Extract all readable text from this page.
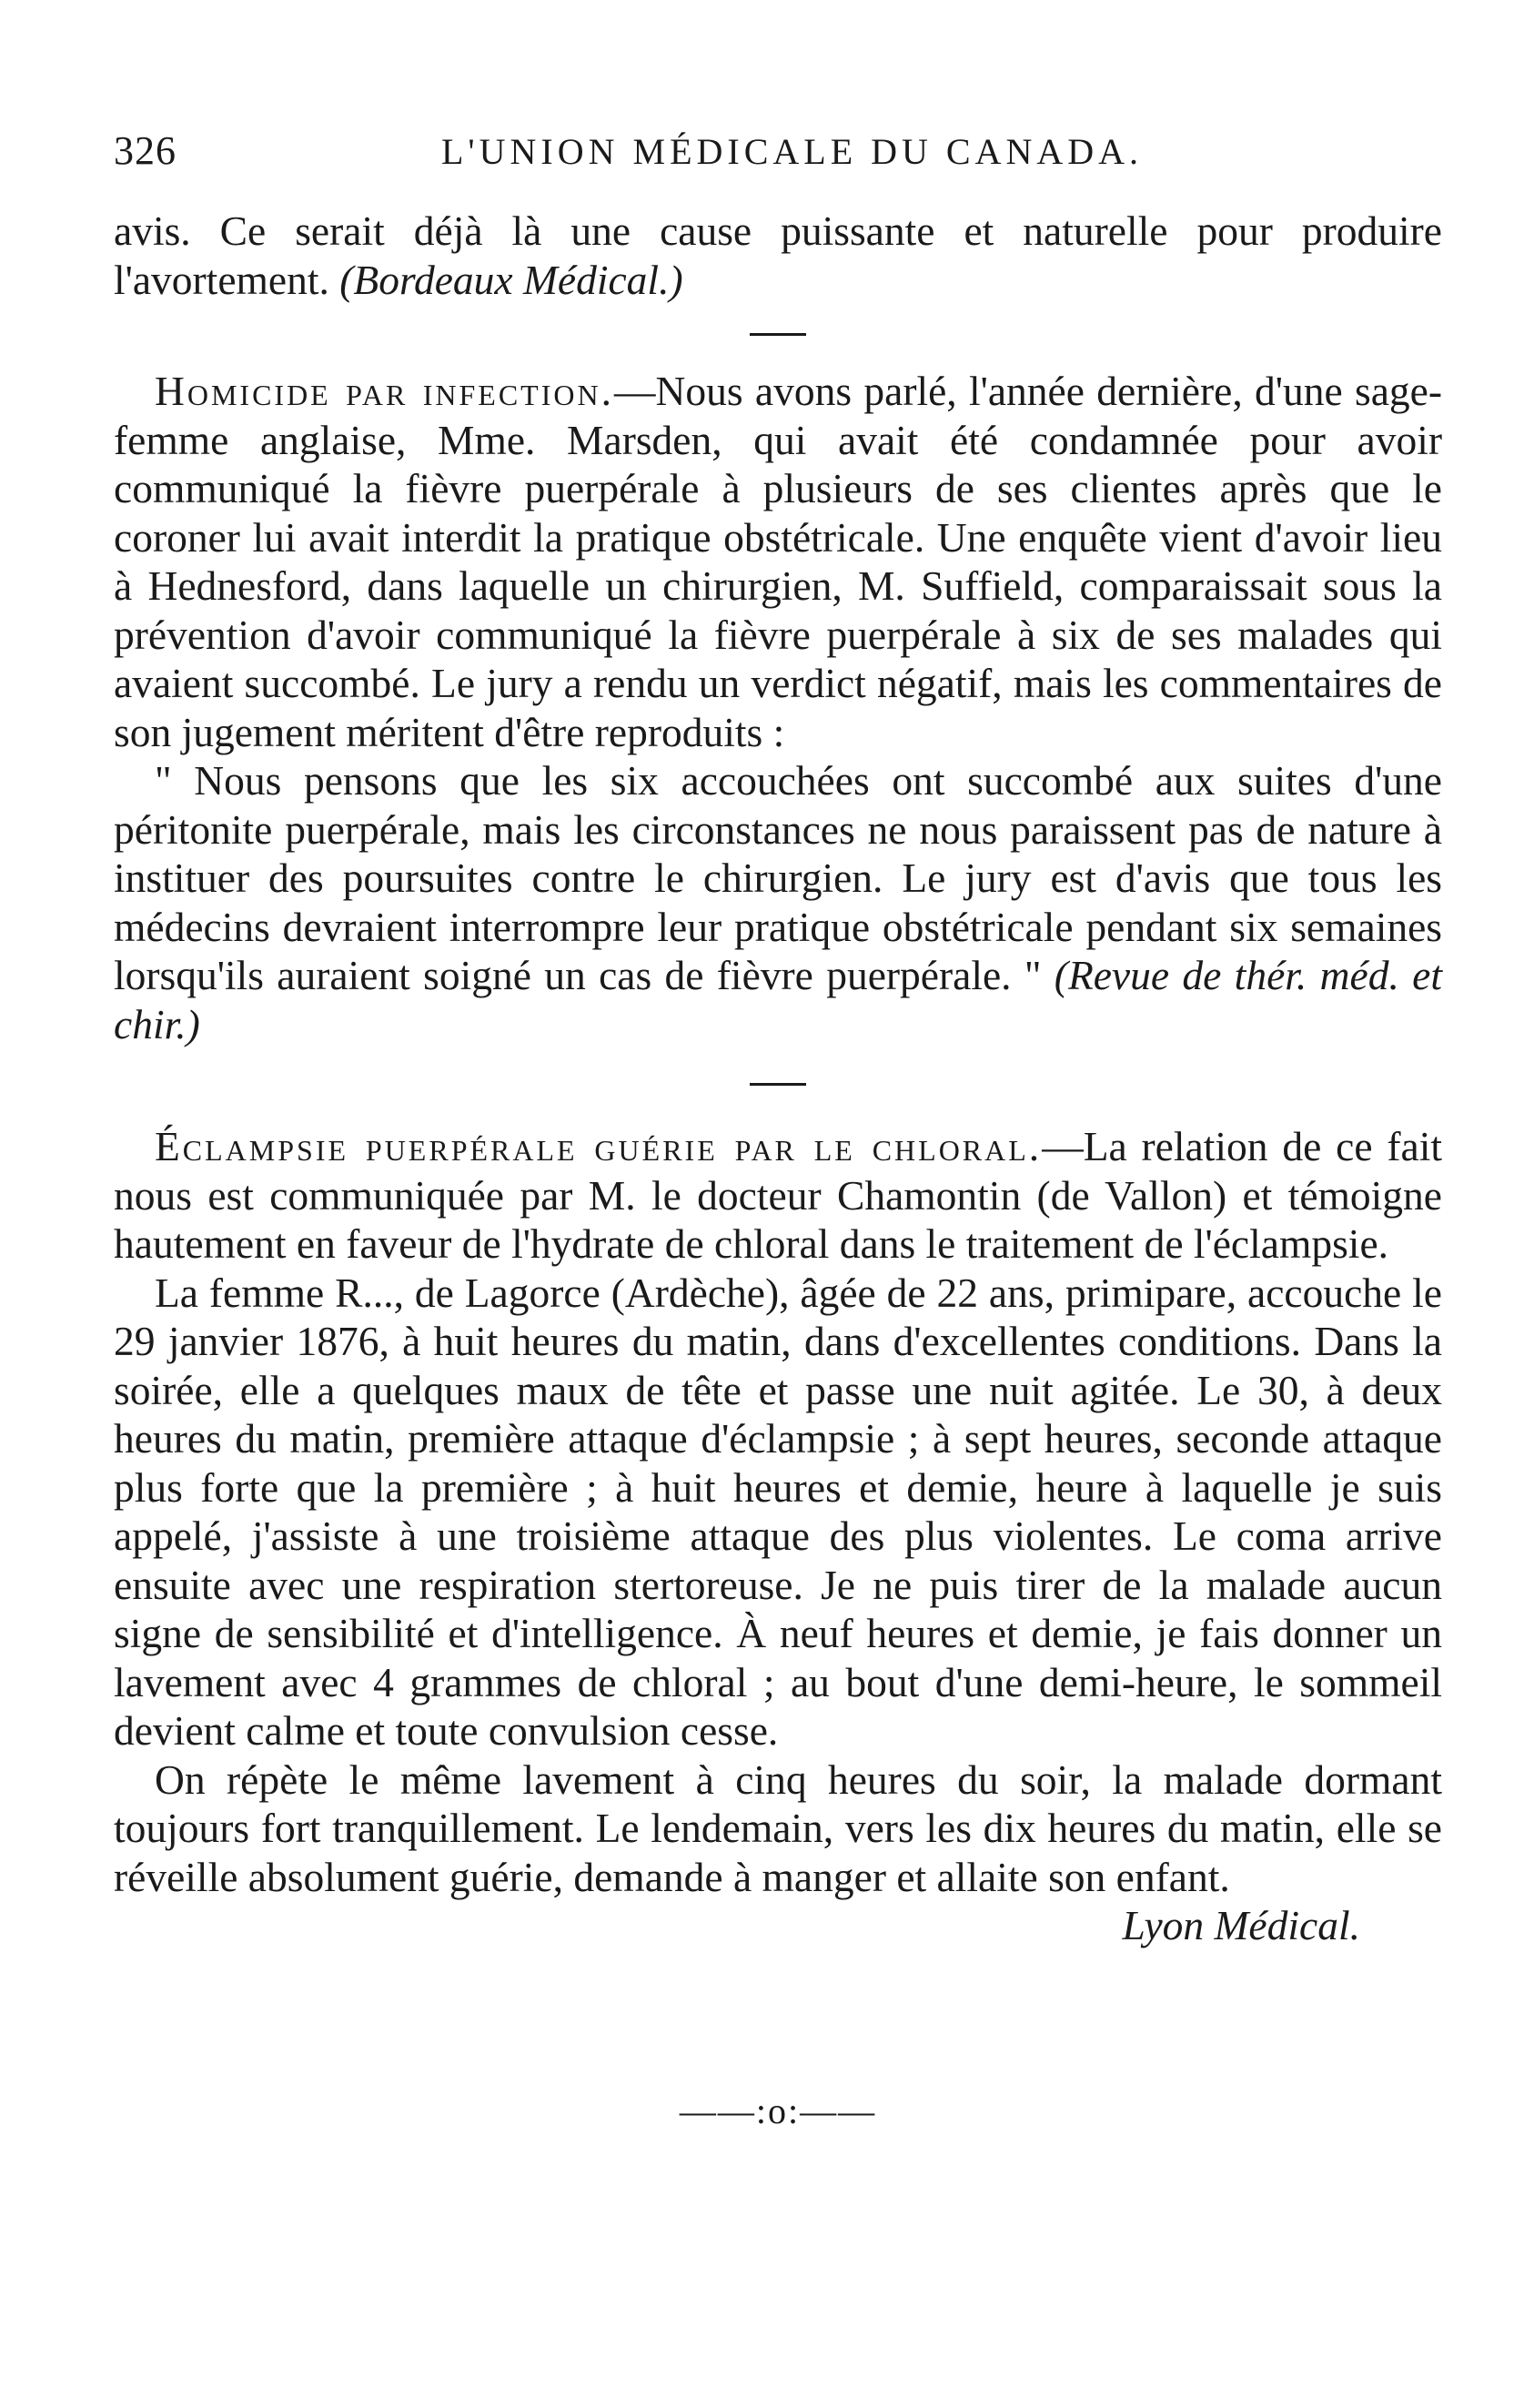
326	L'UNION MÉDICALE DU CANADA.

avis. Ce serait déjà là une cause puissante et naturelle pour produire l'avortement. (Bordeaux Médical.)

Homicide par infection.—Nous avons parlé, l'année dernière, d'une sage-femme anglaise, Mme. Marsden, qui avait été condamnée pour avoir communiqué la fièvre puerpérale à plusieurs de ses clientes après que le coroner lui avait interdit la pratique obstétricale. Une enquête vient d'avoir lieu à Hednesford, dans laquelle un chirurgien, M. Suffield, comparaissait sous la prévention d'avoir communiqué la fièvre puerpérale à six de ses malades qui avaient succombé. Le jury a rendu un verdict négatif, mais les commentaires de son jugement méritent d'être reproduits :

" Nous pensons que les six accouchées ont succombé aux suites d'une péritonite puerpérale, mais les circonstances ne nous paraissent pas de nature à instituer des poursuites contre le chirurgien. Le jury est d'avis que tous les médecins devraient interrompre leur pratique obstétricale pendant six semaines lorsqu'ils auraient soigné un cas de fièvre puerpérale. " (Revue de thér. méd. et chir.)

Éclampsie puerpérale guérie par le chloral.—La relation de ce fait nous est communiquée par M. le docteur Chamontin (de Vallon) et témoigne hautement en faveur de l'hydrate de chloral dans le traitement de l'éclampsie.

La femme R..., de Lagorce (Ardèche), âgée de 22 ans, primipare, accouche le 29 janvier 1876, à huit heures du matin, dans d'excellentes conditions. Dans la soirée, elle a quelques maux de tête et passe une nuit agitée. Le 30, à deux heures du matin, première attaque d'éclampsie ; à sept heures, seconde attaque plus forte que la première ; à huit heures et demie, heure à laquelle je suis appelé, j'assiste à une troisième attaque des plus violentes. Le coma arrive ensuite avec une respiration stertoreuse. Je ne puis tirer de la malade aucun signe de sensibilité et d'intelligence. À neuf heures et demie, je fais donner un lavement avec 4 grammes de chloral ; au bout d'une demi-heure, le sommeil devient calme et toute convulsion cesse.

On répète le même lavement à cinq heures du soir, la malade dormant toujours fort tranquillement. Le lendemain, vers les dix heures du matin, elle se réveille absolument guérie, demande à manger et allaite son enfant.
Lyon Médical.

——:o:——
